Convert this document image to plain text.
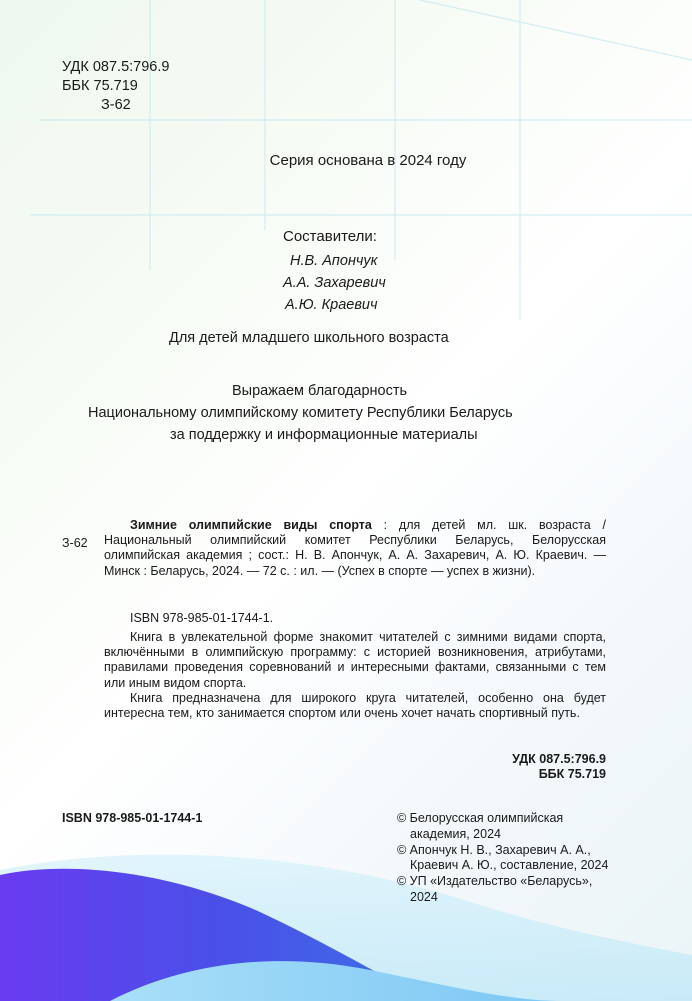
УДК 087.5:796.9
ББК 75.719
З-62
Серия основана в 2024 году
Составители:
Н.В. Апончук
А.А. Захаревич
А.Ю. Краевич
Для детей младшего школьного возраста
Выражаем благодарность
Национальному олимпийскому комитету Республики Беларусь
за поддержку и информационные материалы
З-62
Зимние олимпийские виды спорта : для детей мл. шк. возраста / Национальный олимпийский комитет Республики Беларусь, Белорусская олимпийская академия ; сост.: Н. В. Апончук, А. А. Захаревич, А. Ю. Краевич. — Минск : Беларусь, 2024. — 72 с. : ил. — (Успех в спорте — успех в жизни).
ISBN 978-985-01-1744-1.
Книга в увлекательной форме знакомит читателей с зимними видами спорта, включёнными в олимпийскую программу: с историей возникновения, атрибутами, правилами проведения соревнований и интересными фактами, связанными с тем или иным видом спорта.
Книга предназначена для широкого круга читателей, особенно она будет интересна тем, кто занимается спортом или очень хочет начать спортивный путь.
УДК 087.5:796.9
ББК 75.719
ISBN 978-985-01-1744-1	© Белорусская олимпийская
академия, 2024
© Апончук Н. В., Захаревич А. А.,
Краевич А. Ю., составление, 2024
© УП «Издательство «Беларусь»,
2024
